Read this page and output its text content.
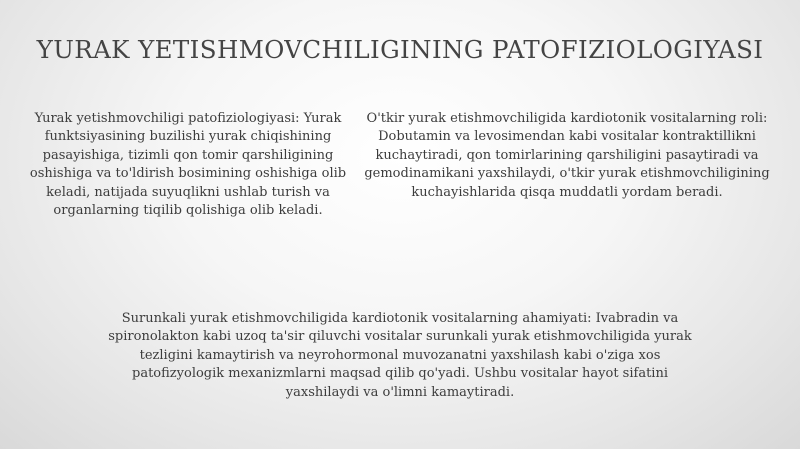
YURAK YETISHMOVCHILIGINING PATOFIZIOLOGIYASI

Yurak yetishmovchiligi patofiziologiyasi: Yurak funktsiyasining buzilishi yurak chiqishining pasayishiga, tizimli qon tomir qarshiligining oshishiga va to'ldirish bosimining oshishiga olib keladi, natijada suyuqlikni ushlab turish va organlarning tiqilib qolishiga olib keladi.

O'tkir yurak etishmovchiligida kardiotonik vositalarning roli: Dobutamin va levosimendan kabi vositalar kontraktillikni kuchaytiradi, qon tomirlarining qarshiligini pasaytiradi va gemodinamikani yaxshilaydi, o'tkir yurak etishmovchiligining kuchayishlarida qisqa muddatli yordam beradi.

Surunkali yurak etishmovchiligida kardiotonik vositalarning ahamiyati: Ivabradin va spironolakton kabi uzoq ta'sir qiluvchi vositalar surunkali yurak etishmovchiligida yurak tezligini kamaytirish va neyrohormonal muvozanatni yaxshilash kabi o'ziga xos patofizyologik mexanizmlarni maqsad qilib qo'yadi. Ushbu vositalar hayot sifatini yaxshilaydi va o'limni kamaytiradi.
